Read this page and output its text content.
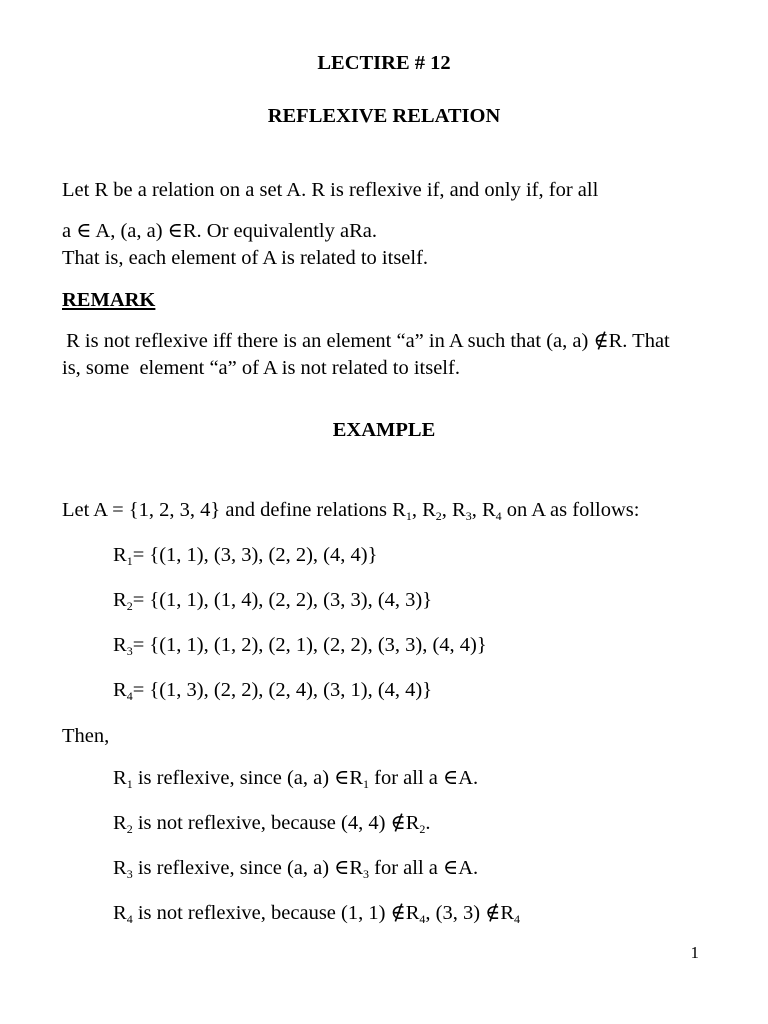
LECTIRE # 12
REFLEXIVE RELATION
Let R be a relation on a set A. R is reflexive if, and only if, for all
a ∈ A, (a, a) ∈R. Or equivalently aRa.
That is, each element of A is related to itself.
REMARK
R is not reflexive iff there is an element “a” in A such that (a, a) ∉R. That
is, some  element “a” of A is not related to itself.
EXAMPLE
Let A = {1, 2, 3, 4} and define relations $R_1$, $R_2$, $R_3$, $R_4$ on A as follows:
$R_1= \{(1$, 1), (3, 3), (2, 2), (4, 4)}
$R_2= \{(1$, 1), (1, 4), (2, 2), (3, 3), (4, 3)}
$R_3= \{(1$, 1), (1, 2), (2, 1), (2, 2), (3, 3), (4, 4)}
$R_4= \{(1$, 3), (2, 2), (2, 4), (3, 1), (4, 4)}
Then,
$R_1$ is reflexive, since (a, a) $\in R_1$ for all a ∈A.
$R_2$ is not reflexive, because (4, 4) $\notin R_2$.
$R_3$ is reflexive, since (a, a) $\in R_3$ for all a ∈A.
$R_4$ is not reflexive, because (1, 1) $\notin R_4$, (3, 3) $\notin R_4$
1
